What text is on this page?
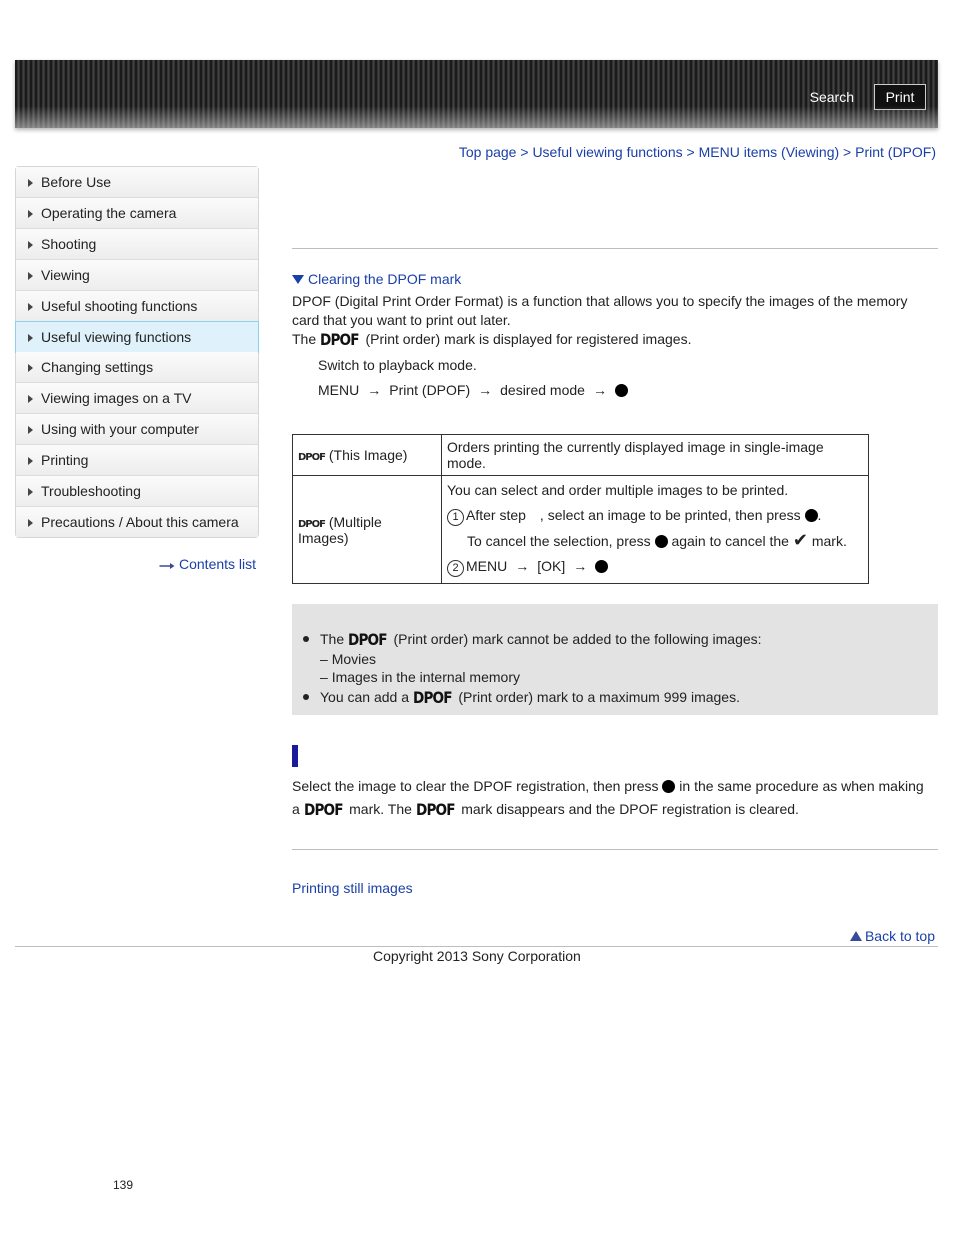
Search	Print
Top page > Useful viewing functions > MENU items (Viewing) > Print (DPOF)
Before Use
Operating the camera
Shooting
Viewing
Useful shooting functions
Useful viewing functions
Changing settings
Viewing images on a TV
Using with your computer
Printing
Troubleshooting
Precautions / About this camera
Contents list
Clearing the DPOF mark
DPOF (Digital Print Order Format) is a function that allows you to specify the images of the memory card that you want to print out later.
The DPOF (Print order) mark is displayed for registered images.
Switch to playback mode.
MENU → Print (DPOF) → desired mode →
DPOF (This Image)	Orders printing the currently displayed image in single-image mode.
DPOF (Multiple Images)	You can select and order multiple images to be printed.
1 After step , select an image to be printed, then press .
To cancel the selection, press again to cancel the ✔ mark.
2 MENU → [OK] →
The DPOF (Print order) mark cannot be added to the following images:
– Movies
– Images in the internal memory
You can add a DPOF (Print order) mark to a maximum 999 images.
Select the image to clear the DPOF registration, then press in the same procedure as when making
a DPOF mark. The DPOF mark disappears and the DPOF registration is cleared.
Printing still images
Back to top
Copyright 2013 Sony Corporation
139
